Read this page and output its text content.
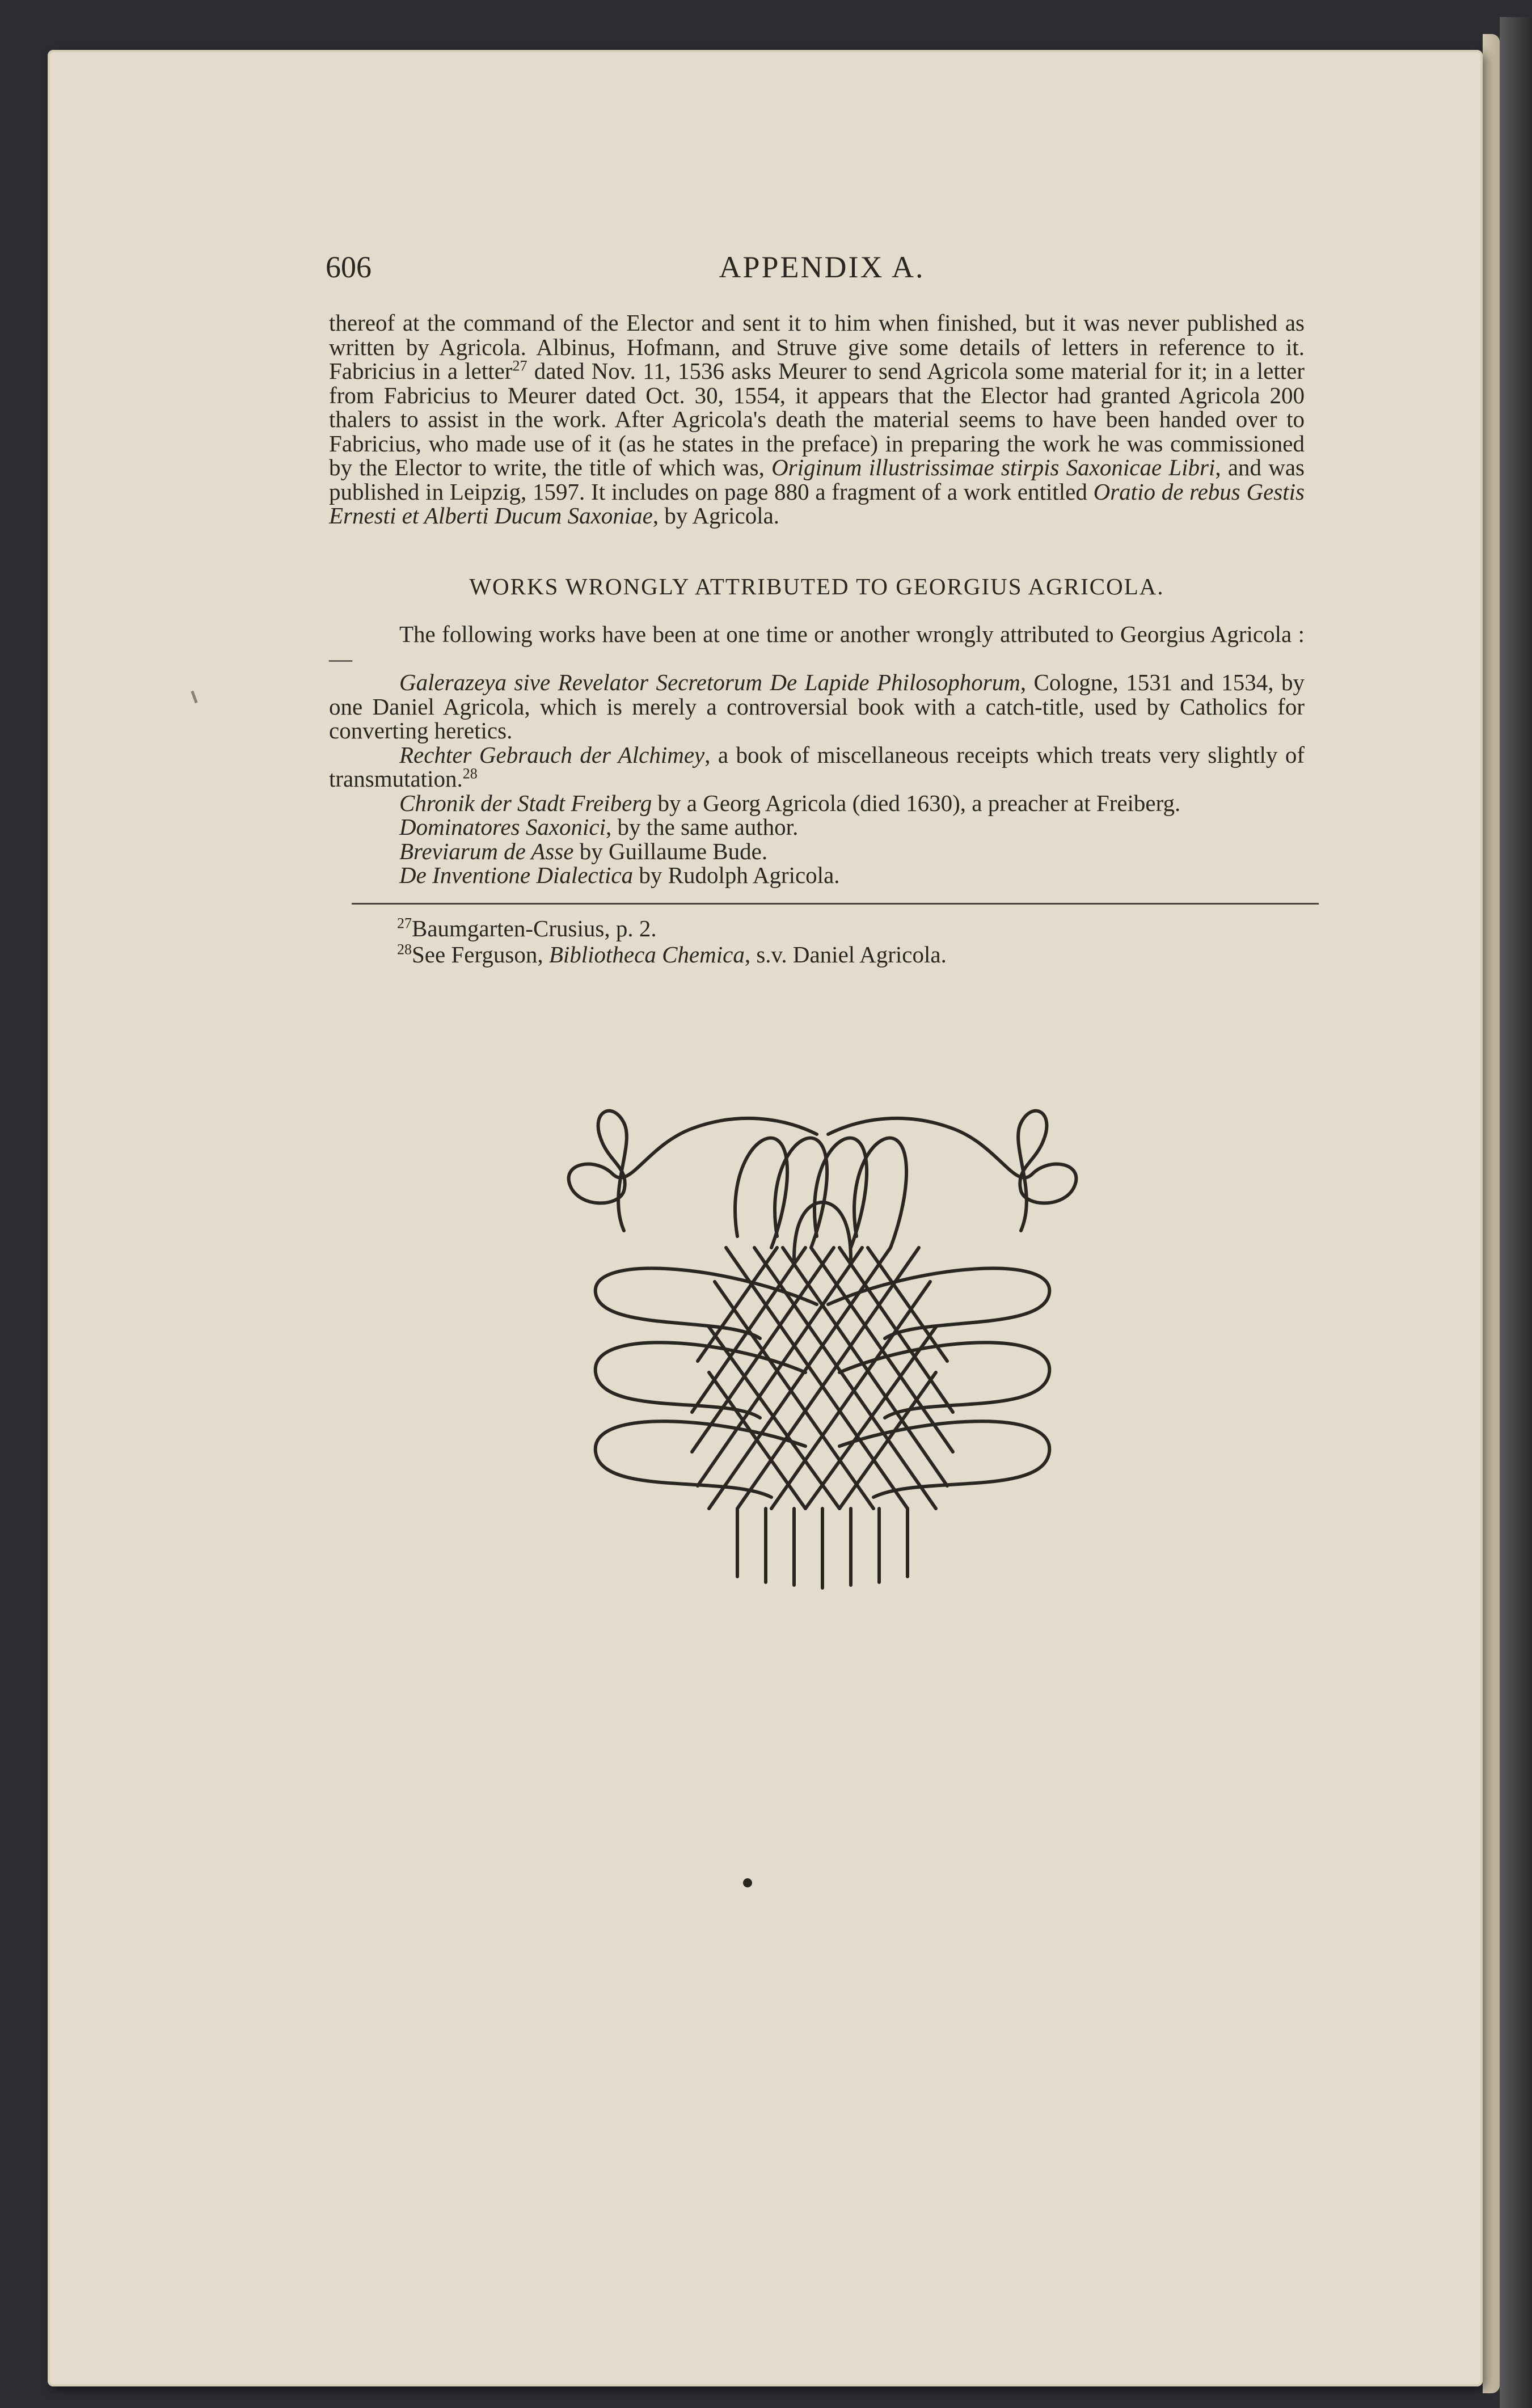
606	APPENDIX A.

thereof at the command of the Elector and sent it to him when finished, but it was never published as written by Agricola. Albinus, Hofmann, and Struve give some details of letters in reference to it. Fabricius in a letter$^{27}$ dated Nov. 11, 1536 asks Meurer to send Agricola some material for it; in a letter from Fabricius to Meurer dated Oct. 30, 1554, it appears that the Elector had granted Agricola 200 thalers to assist in the work. After Agricola's death the material seems to have been handed over to Fabricius, who made use of it (as he states in the preface) in preparing the work he was commissioned by the Elector to write, the title of which was, Originum illustrissimae stirpis Saxonicae Libri, and was published in Leipzig, 1597. It includes on page 880 a fragment of a work entitled Oratio de rebus Gestis Ernesti et Alberti Ducum Saxoniae, by Agricola.

WORKS WRONGLY ATTRIBUTED TO GEORGIUS AGRICOLA.

The following works have been at one time or another wrongly attributed to Georgius Agricola :—

Galerazeya sive Revelator Secretorum De Lapide Philosophorum, Cologne, 1531 and 1534, by one Daniel Agricola, which is merely a controversial book with a catch-title, used by Catholics for converting heretics.

Rechter Gebrauch der Alchimey, a book of miscellaneous receipts which treats very slightly of transmutation.$^{28}$

Chronik der Stadt Freiberg by a Georg Agricola (died 1630), a preacher at Freiberg.

Dominatores Saxonici, by the same author.

Breviarum de Asse by Guillaume Bude.

De Inventione Dialectica by Rudolph Agricola.

$^{27}$Baumgarten-Crusius, p. 2.

$^{28}$See Ferguson, Bibliotheca Chemica, s.v. Daniel Agricola.
